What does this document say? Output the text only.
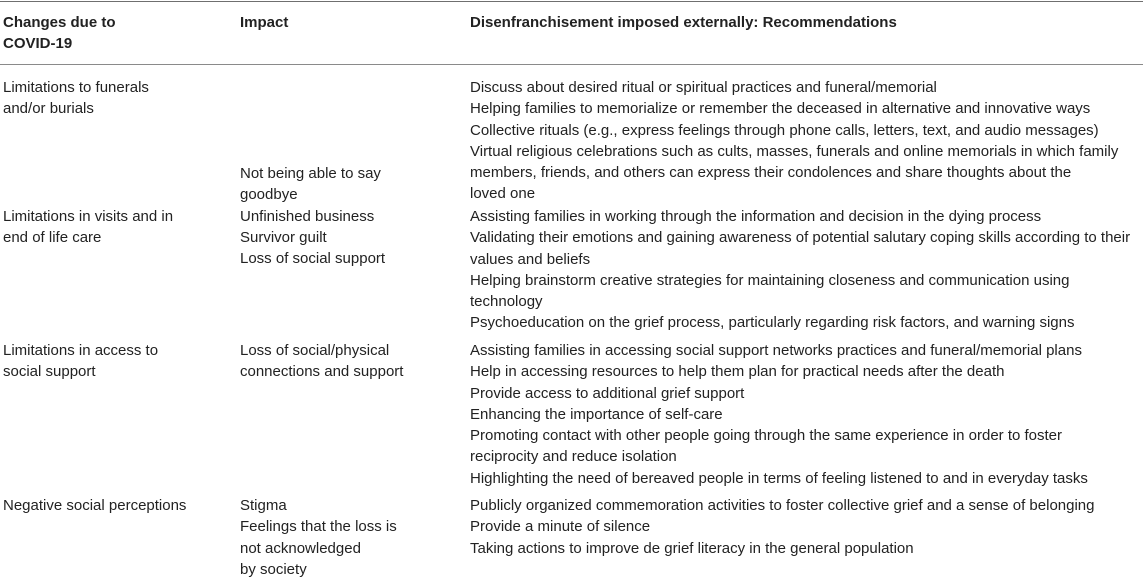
Changes due to
COVID-19
Impact	Disenfranchisement imposed externally: Recommendations
Limitations to funerals
and/or burials
Discuss about desired ritual or spiritual practices and funeral/memorial
Helping families to memorialize or remember the deceased in alternative and innovative ways
Collective rituals (e.g., express feelings through phone calls, letters, text, and audio messages)
Virtual religious celebrations such as cults, masses, funerals and online memorials in which family
members, friends, and others can express their condolences and share thoughts about the
loved one
Limitations in visits and in
end of life care
Not being able to say
goodbye
Unfinished business
Survivor guilt
Loss of social support
Assisting families in working through the information and decision in the dying process
Validating their emotions and gaining awareness of potential salutary coping skills according to their
values and beliefs
Helping brainstorm creative strategies for maintaining closeness and communication using
technology
Psychoeducation on the grief process, particularly regarding risk factors, and warning signs
Limitations in access to
social support
Loss of social/physical
connections and support
Assisting families in accessing social support networks practices and funeral/memorial plans
Help in accessing resources to help them plan for practical needs after the death
Provide access to additional grief support
Enhancing the importance of self-care
Promoting contact with other people going through the same experience in order to foster
reciprocity and reduce isolation
Highlighting the need of bereaved people in terms of feeling listened to and in everyday tasks
Negative social perceptions	Stigma
Feelings that the loss is
not acknowledged
by society
Publicly organized commemoration activities to foster collective grief and a sense of belonging
Provide a minute of silence
Taking actions to improve de grief literacy in the general population
